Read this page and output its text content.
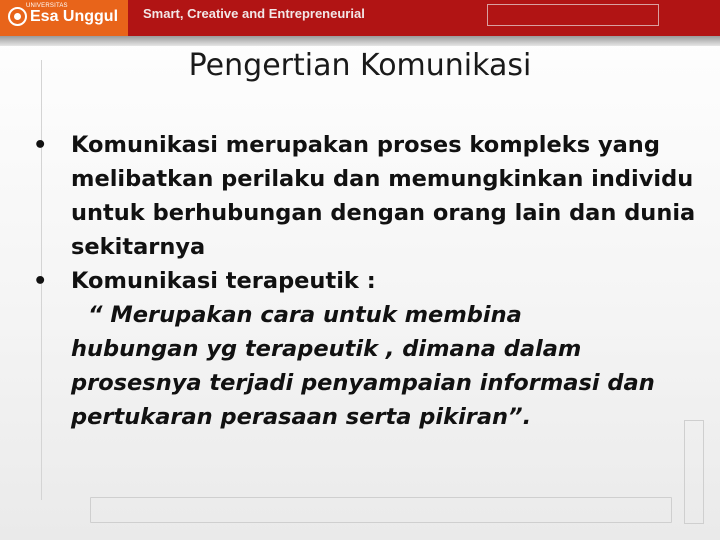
UNIVERSITAS
Esa Unggul Smart, Creative and Entrepreneurial
Pengertian Komunikasi
• Komunikasi merupakan proses kompleks yang melibatkan perilaku dan memungkinkan individu untuk berhubungan dengan orang lain dan dunia sekitarnya
• Komunikasi terapeutik :
“ Merupakan cara untuk membina
hubungan yg terapeutik , dimana dalam prosesnya terjadi penyampaian informasi dan pertukaran perasaan serta pikiran”.
